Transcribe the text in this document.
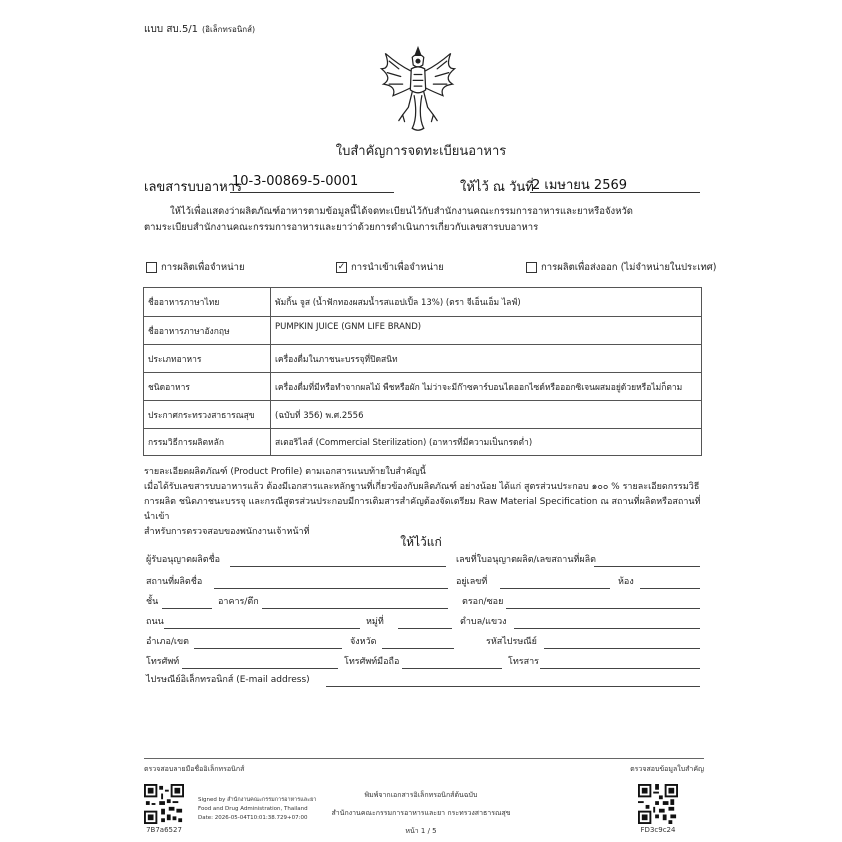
แบบ สบ.5/1 (อิเล็กทรอนิกส์)
ใบสำคัญการจดทะเบียนอาหาร
เลขสารบบอาหาร
10-3-00869-5-0001	ให้ไว้ ณ วันที่
2 เมษายน 2569
ให้ไว้เพื่อแสดงว่าผลิตภัณฑ์อาหารตามข้อมูลนี้ได้จดทะเบียนไว้กับสำนักงานคณะกรรมการอาหารและยาหรือจังหวัด
ตามระเบียบสำนักงานคณะกรรมการอาหารและยาว่าด้วยการดำเนินการเกี่ยวกับเลขสารบบอาหาร
การผลิตเพื่อจำหน่าย	✓ การนำเข้าเพื่อจำหน่าย	การผลิตเพื่อส่งออก (ไม่จำหน่ายในประเทศ)
ชื่ออาหารภาษาไทย	พัมกิ้น จูส (น้ำฟักทองผสมน้ำรสแอปเปิ้ล 13%) (ตรา จีเอ็นเอ็ม ไลฟ์)
ชื่ออาหารภาษาอังกฤษ	PUMPKIN JUICE (GNM LIFE BRAND)
ประเภทอาหาร	เครื่องดื่มในภาชนะบรรจุที่ปิดสนิท
ชนิดอาหาร	เครื่องดื่มที่มีหรือทำจากผลไม้ พืชหรือผัก ไม่ว่าจะมีก๊าซคาร์บอนไดออกไซด์หรือออกซิเจนผสมอยู่ด้วยหรือไม่ก็ตาม
ประกาศกระทรวงสาธารณสุข	(ฉบับที่ 356) พ.ศ.2556
กรรมวิธีการผลิตหลัก	สเตอริไลส์ (Commercial Sterilization) (อาหารที่มีความเป็นกรดต่ำ)
รายละเอียดผลิตภัณฑ์ (Product Profile) ตามเอกสารแนบท้ายใบสำคัญนี้
เมื่อได้รับเลขสารบบอาหารแล้ว ต้องมีเอกสารและหลักฐานที่เกี่ยวข้องกับผลิตภัณฑ์ อย่างน้อย ได้แก่ สูตรส่วนประกอบ ๑๐๐ % รายละเอียดกรรมวิธี
การผลิต ชนิดภาชนะบรรจุ และกรณีสูตรส่วนประกอบมีการเติมสารสำคัญต้องจัดเตรียม Raw Material Specification ณ สถานที่ผลิตหรือสถานที่นำเข้า
สำหรับการตรวจสอบของพนักงานเจ้าหน้าที่
ให้ไว้แก่
ผู้รับอนุญาตผลิตชื่อ	เลขที่ใบอนุญาตผลิต/เลขสถานที่ผลิต
สถานที่ผลิตชื่อ	อยู่เลขที่	ห้อง
ชั้น	อาคาร/ตึก	ตรอก/ซอย
ถนน	หมู่ที่	ตำบล/แขวง
อำเภอ/เขต	จังหวัด	รหัสไปรษณีย์
โทรศัพท์	โทรศัพท์มือถือ	โทรสาร
ไปรษณีย์อิเล็กทรอนิกส์ (E-mail address)
ตรวจสอบลายมือชื่ออิเล็กทรอนิกส์	ตรวจสอบข้อมูลใบสำคัญ
7B7a6527
Signed by สำนักงานคณะกรรมการอาหารและยา
Food and Drug Administration, Thailand
Date: 2026-05-04T10:01:38.729+07:00
พิมพ์จากเอกสารอิเล็กทรอนิกส์ต้นฉบับ
สำนักงานคณะกรรมการอาหารและยา กระทรวงสาธารณสุข
หน้า 1 / 5	FD3c9c24
